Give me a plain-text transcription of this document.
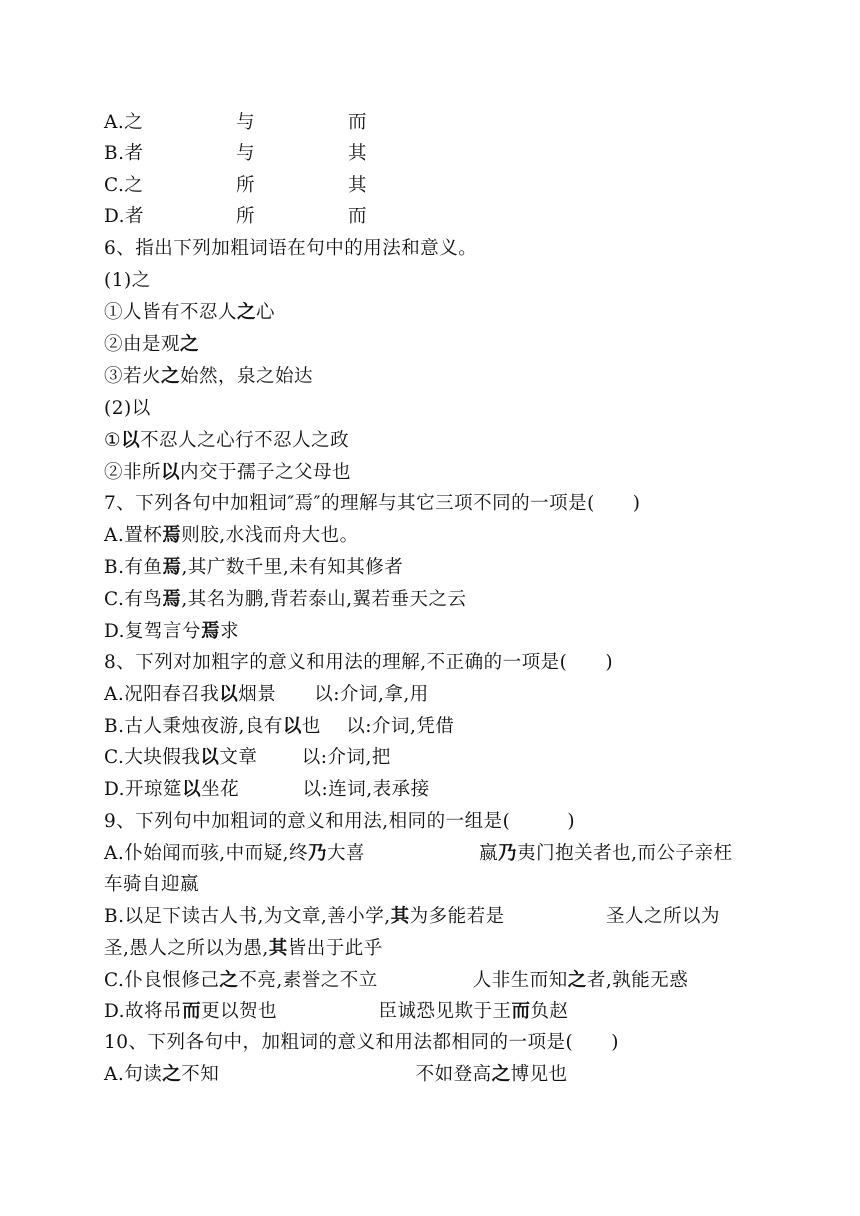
A.之	与	而
B.者	与	其
C.之	所	其
D.者	所	而
6、指出下列加粗词语在句中的用法和意义。
(1)之
①人皆有不忍人之心
②由是观之
③若火之始然，泉之始达
(2)以
①以不忍人之心行不忍人之政
②非所以内交于孺子之父母也
7、下列各句中加粗词″焉″的理解与其它三项不同的一项是(　　)
A.置杯焉则胶,水浅而舟大也。
B.有鱼焉,其广数千里,未有知其修者
C.有鸟焉,其名为鹏,背若泰山,翼若垂天之云
D.复驾言兮焉求
8、下列对加粗字的意义和用法的理解,不正确的一项是(　　)
A.况阳春召我以烟景　　以:介词,拿,用
B.古人秉烛夜游,良有以也　 以:介词,凭借
C.大块假我以文章　　 以:介词,把
D.开琼筵以坐花　　　 以:连词,表承接
9、下列句中加粗词的意义和用法,相同的一组是(　　　)
A.仆始闻而骇,中而疑,终乃大喜　　　　　　嬴乃夷门抱关者也,而公子亲枉
车骑自迎嬴
B.以足下读古人书,为文章,善小学,其为多能若是　　　　　 圣人之所以为
圣,愚人之所以为愚,其皆出于此乎
C.仆良恨修己之不亮,素誉之不立　　　　　人非生而知之者,孰能无惑
D.故将吊而更以贺也　　　　　 臣诚恐见欺于王而负赵
10、下列各句中，加粗词的意义和用法都相同的一项是(　　)
A.句读之不知　　　　　　　　　　 不如登高之博见也
